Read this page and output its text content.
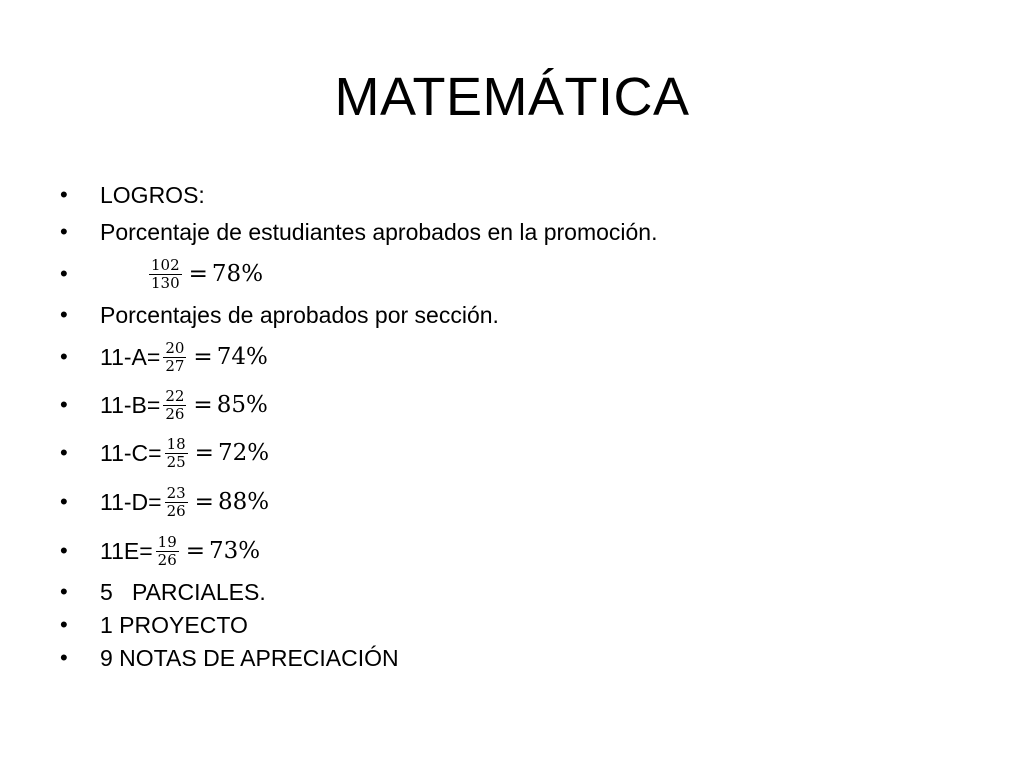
MATEMÁTICA
•	LOGROS:
•	Porcentaje de estudiantes aprobados en la promoción.
•	$\frac{102}{130} = 78\%$
•	Porcentajes de aprobados por sección.
•	$11-A= \frac{20}{27} = 74\%$
•	$11-B= \frac{22}{26} = 85\%$
•	$11-C= \frac{18}{25} = 72\%$
•	$11-D= \frac{23}{26} = 88\%$
•	$11E= \frac{19}{26} = 73\%$
•	5   PARCIALES.
•	1 PROYECTO
•	9 NOTAS DE APRECIACIÓN
